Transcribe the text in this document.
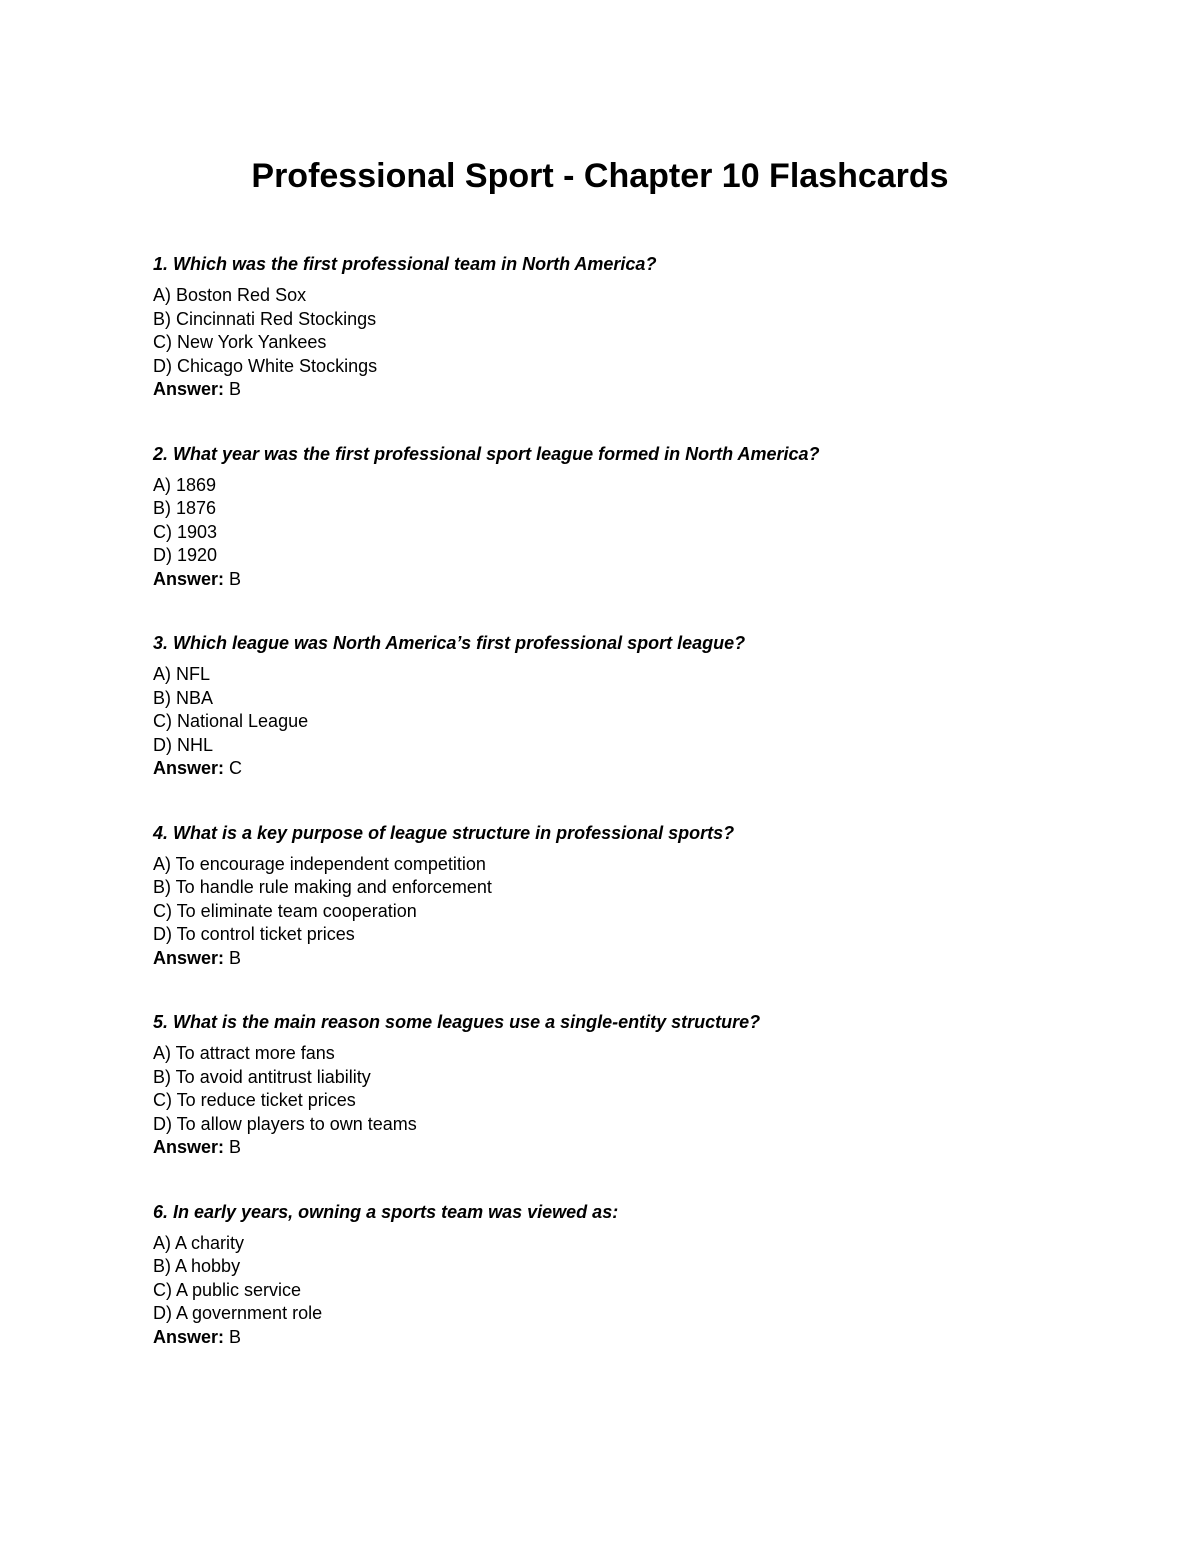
Professional Sport - Chapter 10 Flashcards
1. Which was the first professional team in North America?
A) Boston Red Sox
B) Cincinnati Red Stockings
C) New York Yankees
D) Chicago White Stockings
Answer: B
2. What year was the first professional sport league formed in North America?
A) 1869
B) 1876
C) 1903
D) 1920
Answer: B
3. Which league was North America’s first professional sport league?
A) NFL
B) NBA
C) National League
D) NHL
Answer: C
4. What is a key purpose of league structure in professional sports?
A) To encourage independent competition
B) To handle rule making and enforcement
C) To eliminate team cooperation
D) To control ticket prices
Answer: B
5. What is the main reason some leagues use a single-entity structure?
A) To attract more fans
B) To avoid antitrust liability
C) To reduce ticket prices
D) To allow players to own teams
Answer: B
6. In early years, owning a sports team was viewed as:
A) A charity
B) A hobby
C) A public service
D) A government role
Answer: B
